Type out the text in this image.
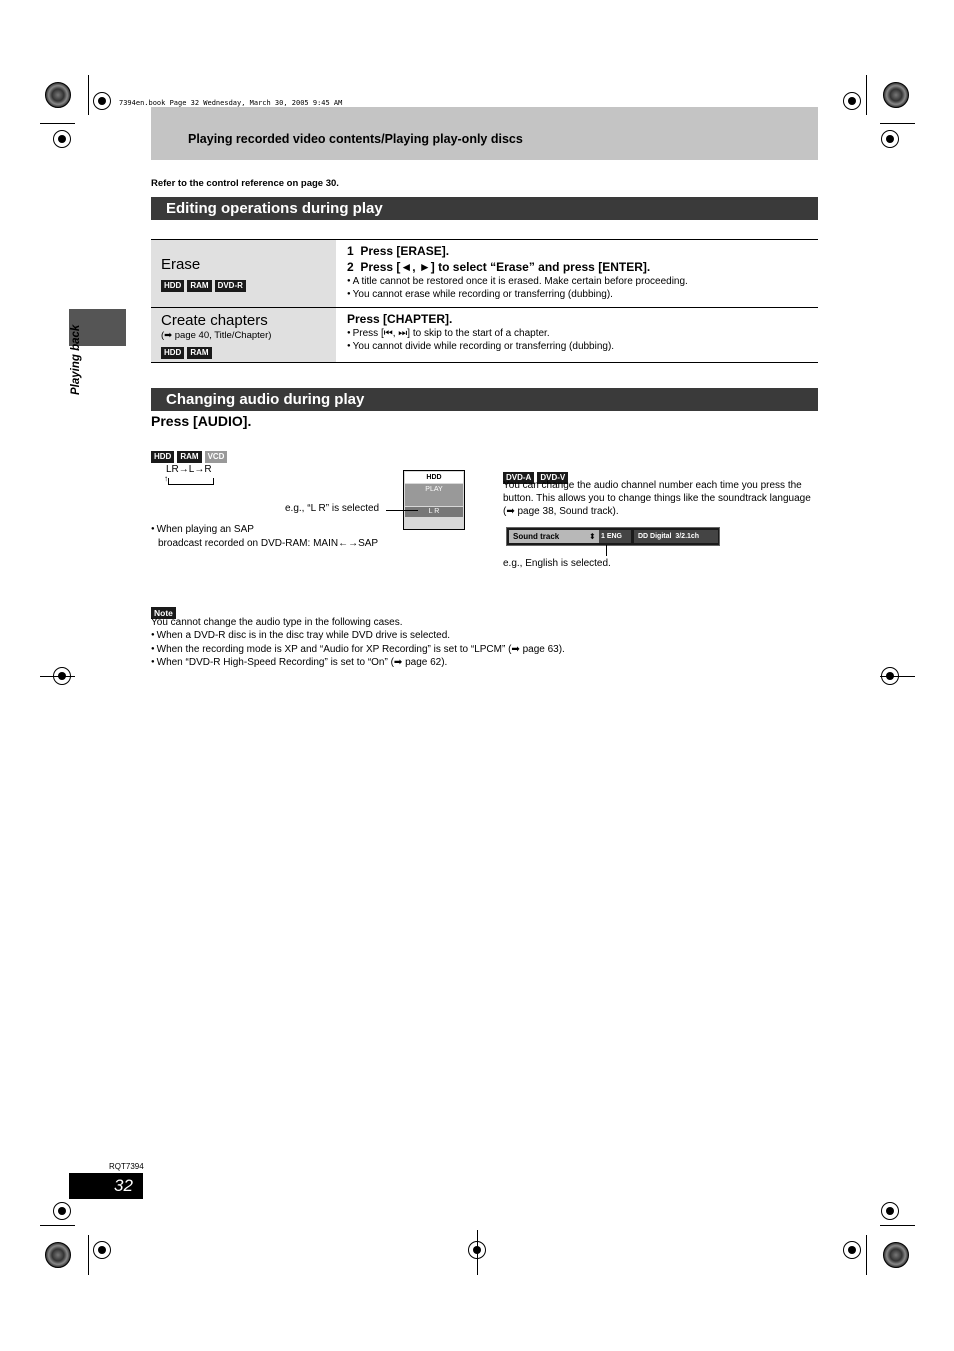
7394en.book Page 32 Wednesday, March 30, 2005 9:45 AM
Playing recorded video contents/Playing play-only discs
Refer to the control reference on page 30.
Playing back
Editing operations during play
Erase
HDD RAM DVD-R
1  Press [ERASE].
2  Press [◄, ►] to select “Erase” and press [ENTER].
● A title cannot be restored once it is erased. Make certain before proceeding.
● You cannot erase while recording or transferring (dubbing).
Create chapters
(➡ page 40, Title/Chapter)
HDD RAM
Press [CHAPTER].
● Press [⏮, ⏭] to skip to the start of a chapter.
● You cannot divide while recording or transferring (dubbing).
Changing audio during play
Press [AUDIO].
HDD RAM VCD
LR→L→R
↑	HDD
PLAY
L R
e.g., “L R” is selected
● When playing an SAP
broadcast recorded on DVD-RAM: MAIN←→SAP
DVD-A DVD-V
You can change the audio channel number each time you press the button. This allows you to change things like the soundtrack language (➡ page 38, Sound track).
Sound track	⬍ 1 ENG	DD Digital  3/2.1ch
e.g., English is selected.
Note
You cannot change the audio type in the following cases.
● When a DVD-R disc is in the disc tray while DVD drive is selected.
● When the recording mode is XP and “Audio for XP Recording” is set to “LPCM” (➡ page 63).
● When “DVD-R High-Speed Recording” is set to “On” (➡ page 62).
RQT7394
32
